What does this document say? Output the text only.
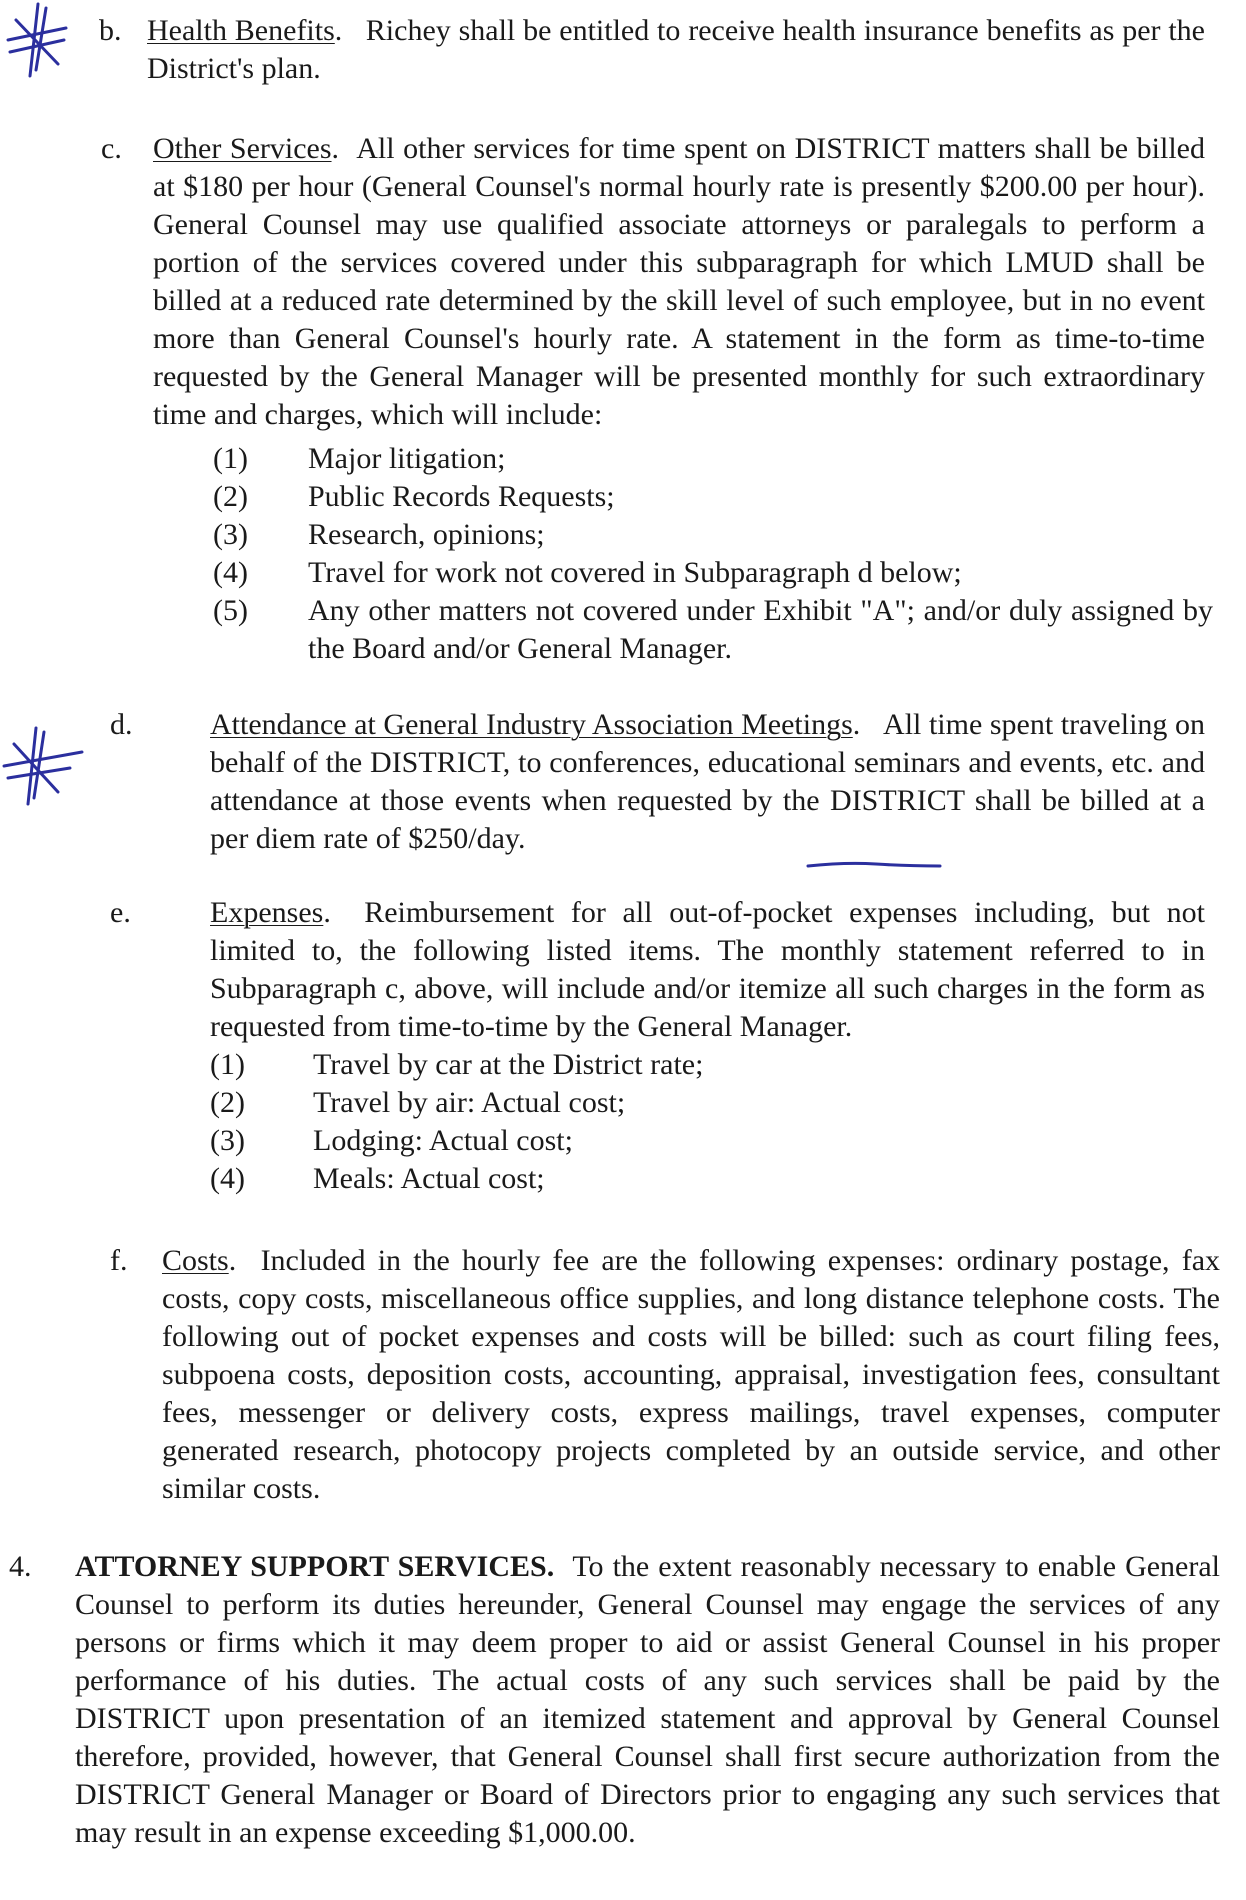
b. Health Benefits.   Richey shall be entitled to receive health insurance benefits as per the District's plan.
c. Other Services.  All other services for time spent on DISTRICT matters shall be billed at $180 per hour (General Counsel's normal hourly rate is presently $200.00 per hour). General Counsel may use qualified associate attorneys or paralegals to perform a portion of the services covered under this subparagraph for which LMUD shall be billed at a reduced rate determined by the skill level of such employee, but in no event more than General Counsel's hourly rate. A statement in the form as time-to-time requested by the General Manager will be presented monthly for such extraordinary time and charges, which will include:
(1) Major litigation;
(2) Public Records Requests;
(3) Research, opinions;
(4) Travel for work not covered in Subparagraph d below;
(5) Any other matters not covered under Exhibit "A"; and/or duly assigned by the Board and/or General Manager.
d.	Attendance at General Industry Association Meetings.   All time spent traveling on behalf of the DISTRICT, to conferences, educational seminars and events, etc. and attendance at those events when requested by the DISTRICT shall be billed at a per diem rate of $250/day.
e.	Expenses.  Reimbursement for all out-of-pocket expenses including, but not limited to, the following listed items. The monthly statement referred to in Subparagraph c, above, will include and/or itemize all such charges in the form as requested from time-to-time by the General Manager.
(1) Travel by car at the District rate;
(2) Travel by air: Actual cost;
(3) Lodging: Actual cost;
(4) Meals: Actual cost;
f. Costs.  Included in the hourly fee are the following expenses: ordinary postage, fax costs, copy costs, miscellaneous office supplies, and long distance telephone costs. The following out of pocket expenses and costs will be billed: such as court filing fees, subpoena costs, deposition costs, accounting, appraisal, investigation fees, consultant fees, messenger or delivery costs, express mailings, travel expenses, computer generated research, photocopy projects completed by an outside service, and other similar costs.
4. ATTORNEY SUPPORT SERVICES.  To the extent reasonably necessary to enable General Counsel to perform its duties hereunder, General Counsel may engage the services of any persons or firms which it may deem proper to aid or assist General Counsel in his proper performance of his duties. The actual costs of any such services shall be paid by the DISTRICT upon presentation of an itemized statement and approval by General Counsel therefore, provided, however, that General Counsel shall first secure authorization from the DISTRICT General Manager or Board of Directors prior to engaging any such services that may result in an expense exceeding $1,000.00.
